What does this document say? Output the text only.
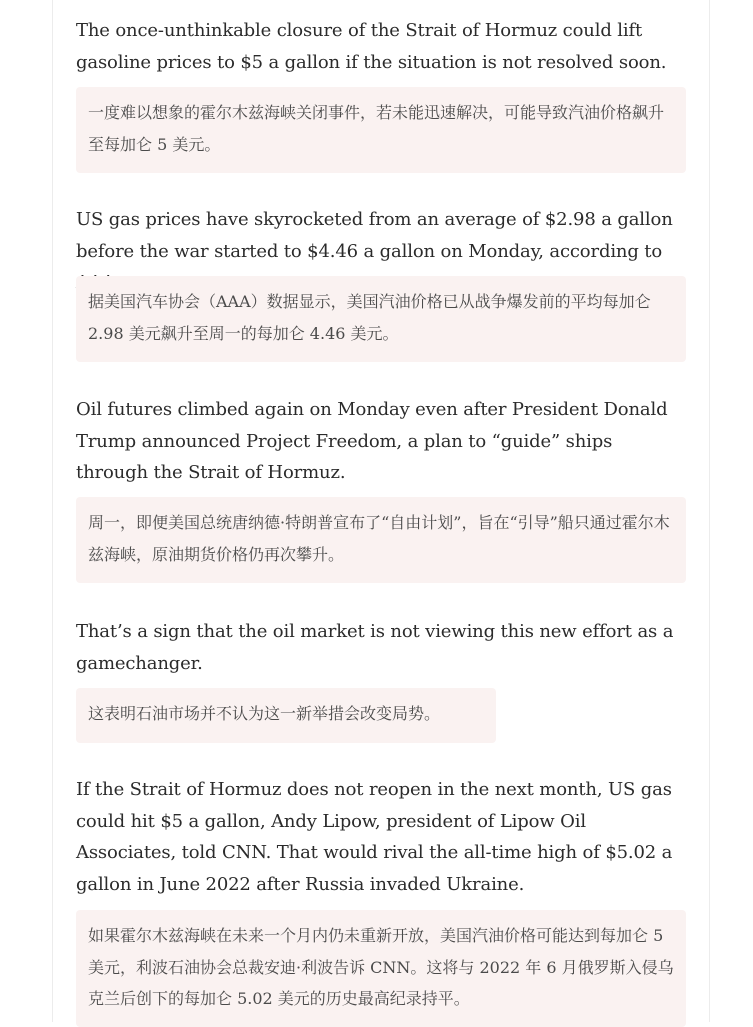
The once-unthinkable closure of the Strait of Hormuz could lift gasoline prices to $5 a gallon if the situation is not resolved soon.

一度难以想象的霍尔木兹海峡关闭事件，若未能迅速解决，可能导致汽油价格飙升至每加仑 5 美元。

US gas prices have skyrocketed from an average of $2.98 a gallon before the war started to $4.46 a gallon on Monday, according to

据美国汽车协会（AAA）数据显示，美国汽油价格已从战争爆发前的平均每加仑 2.98 美元飙升至周一的每加仑 4.46 美元。

Oil futures climbed again on Monday even after President Donald Trump announced Project Freedom, a plan to “guide” ships through the Strait of Hormuz.

周一，即便美国总统唐纳德·特朗普宣布了“自由计划”，旨在“引导”船只通过霍尔木兹海峡，原油期货价格仍再次攀升。

That’s a sign that the oil market is not viewing this new effort as a gamechanger.

这表明石油市场并不认为这一新举措会改变局势。

If the Strait of Hormuz does not reopen in the next month, US gas could hit $5 a gallon, Andy Lipow, president of Lipow Oil Associates, told CNN. That would rival the all-time high of $5.02 a gallon in June 2022 after Russia invaded Ukraine.

如果霍尔木兹海峡在未来一个月内仍未重新开放，美国汽油价格可能达到每加仑 5 美元，利波石油协会总裁安迪·利波告诉 CNN。这将与 2022 年 6 月俄罗斯入侵乌克兰后创下的每加仑 5.02 美元的历史最高纪录持平。
